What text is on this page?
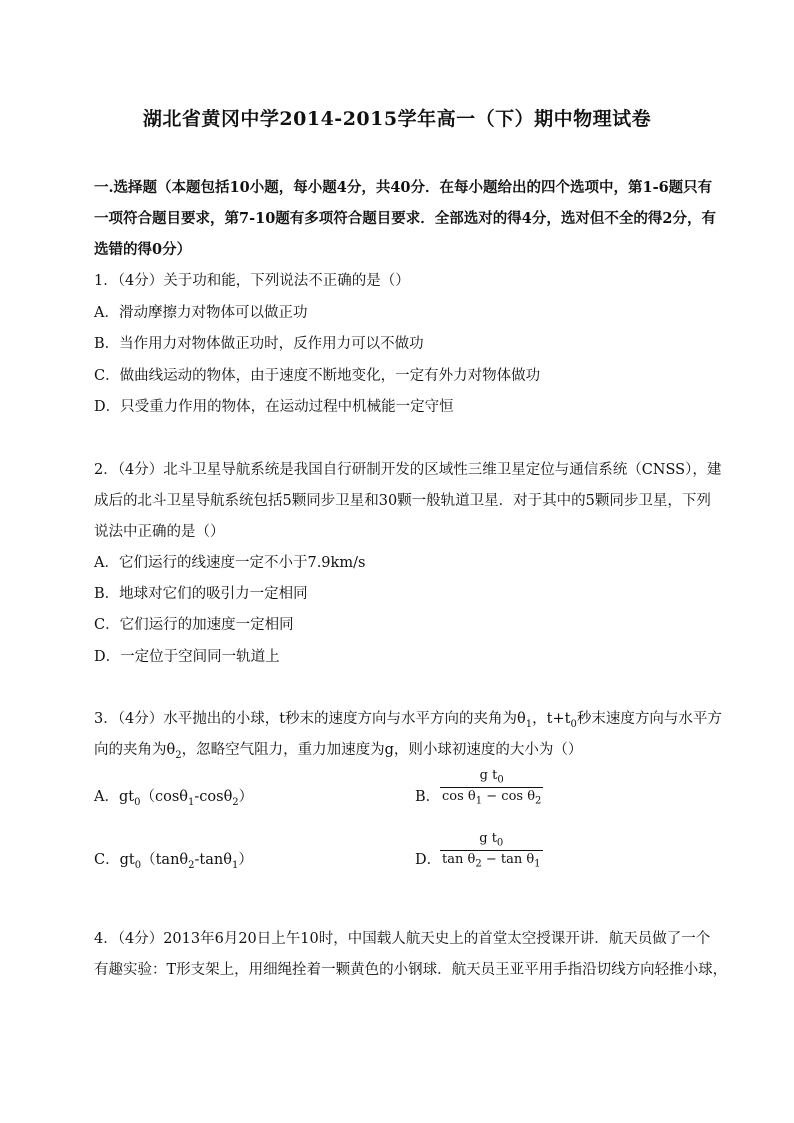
湖北省黄冈中学2014-2015学年高一（下）期中物理试卷
一.选择题（本题包括10小题，每小题4分，共40分．在每小题给出的四个选项中，第1-6题只有
一项符合题目要求，第7-10题有多项符合题目要求．全部选对的得4分，选对但不全的得2分，有
选错的得0分）
1．（4分）关于功和能，下列说法不正确的是（）
A．滑动摩擦力对物体可以做正功
B．当作用力对物体做正功时，反作用力可以不做功
C．做曲线运动的物体，由于速度不断地变化，一定有外力对物体做功
D．只受重力作用的物体，在运动过程中机械能一定守恒
2．（4分）北斗卫星导航系统是我国自行研制开发的区域性三维卫星定位与通信系统（CNSS），建
成后的北斗卫星导航系统包括5颗同步卫星和30颗一般轨道卫星．对于其中的5颗同步卫星，下列
说法中正确的是（）
A．它们运行的线速度一定不小于7.9km/s
B．地球对它们的吸引力一定相同
C．它们运行的加速度一定相同
D．一定位于空间同一轨道上
3．（4分）水平抛出的小球，t秒末的速度方向与水平方向的夹角为$\theta_1$，$t+t_0$秒末速度方向与水平方
向的夹角为$\theta_2$，忽略空气阻力，重力加速度为g，则小球初速度的大小为（）
A．$gt_0(\cos\theta_1-\cos\theta_2)$	B．
g $t_0$
$\cos \theta_1 - \cos \theta_2$
C．$gt_0(\tan\theta_2-\tan\theta_1)$	D．
g $t_0$
$\tan \theta_2 - \tan \theta_1$
4．（4分）2013年6月20日上午10时，中国载人航天史上的首堂太空授课开讲．航天员做了一个
有趣实验：T形支架上，用细绳拴着一颗黄色的小钢球．航天员王亚平用手指沿切线方向轻推小球，
